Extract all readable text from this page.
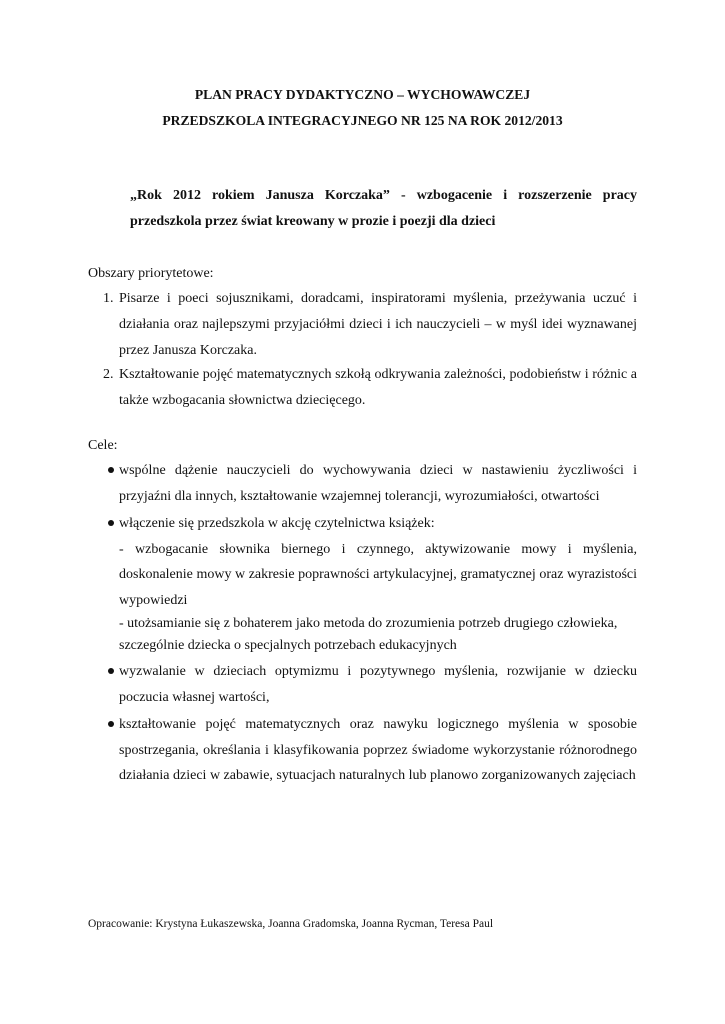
PLAN PRACY DYDAKTYCZNO – WYCHOWAWCZEJ
PRZEDSZKOLA INTEGRACYJNEGO NR 125 NA ROK 2012/2013
„Rok 2012 rokiem Janusza Korczaka” - wzbogacenie i rozszerzenie pracy przedszkola przez świat kreowany w prozie i poezji dla dzieci
Obszary priorytetowe:
1. Pisarze i poeci sojusznikami, doradcami, inspiratorami myślenia, przeżywania uczuć i działania oraz najlepszymi przyjaciółmi dzieci i ich nauczycieli – w myśl idei wyznawanej przez Janusza Korczaka.
2. Kształtowanie pojęć matematycznych szkołą odkrywania zależności, podobieństw i różnic a także wzbogacania słownictwa dziecięcego.
Cele:
wspólne dążenie nauczycieli do wychowywania dzieci w nastawieniu życzliwości i przyjaźni dla innych, kształtowanie wzajemnej tolerancji, wyrozumiałości, otwartości
włączenie się przedszkola w akcję czytelnictwa książek:
- wzbogacanie słownika biernego i czynnego, aktywizowanie mowy i myślenia, doskonalenie mowy w zakresie poprawności artykulacyjnej, gramatycznej oraz wyrazistości wypowiedzi
- utożsamianie się z bohaterem jako metoda do zrozumienia potrzeb drugiego człowieka, szczególnie dziecka o specjalnych potrzebach edukacyjnych
wyzwalanie w dzieciach optymizmu i pozytywnego myślenia, rozwijanie w dziecku poczucia własnej wartości,
kształtowanie pojęć matematycznych oraz nawyku logicznego myślenia w sposobie spostrzegania, określania i klasyfikowania poprzez świadome wykorzystanie różnorodnego działania dzieci w zabawie, sytuacjach naturalnych lub planowo zorganizowanych zajęciach
Opracowanie: Krystyna Łukaszewska, Joanna Gradomska, Joanna Rycman, Teresa Paul
